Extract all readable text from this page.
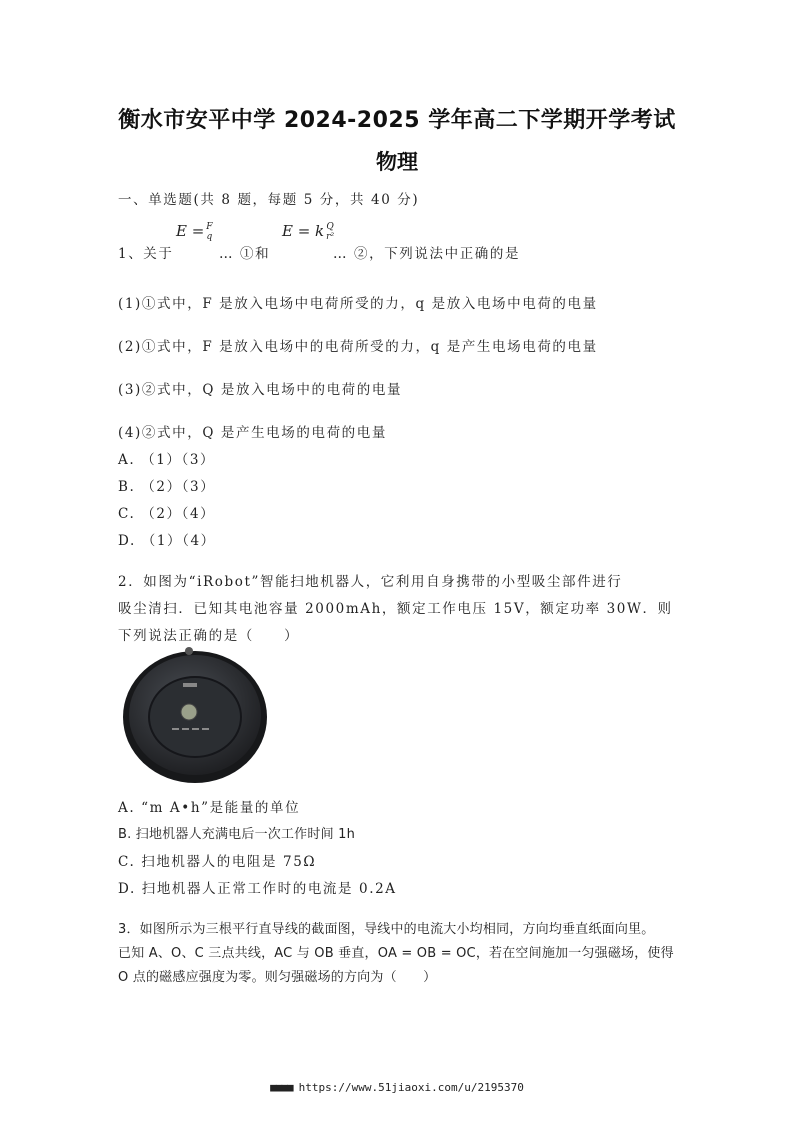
衡水市安平中学 2024-2025 学年高二下学期开学考试
物理
一、单选题(共 8 题，每题 5 分，共 40 分)
1、关于
E = F
q
… ①和
E = k Q
r²
… ②，下列说法中正确的是
(1)①式中，F 是放入电场中电荷所受的力，q 是放入电场中电荷的电量
(2)①式中，F 是放入电场中的电荷所受的力，q 是产生电场电荷的电量
(3)②式中，Q 是放入电场中的电荷的电量
(4)②式中，Q 是产生电场的电荷的电量
A. （1）（3）
B. （2）（3）
C. （2）（4）
D. （1）（4）
2．如图为“iRobot”智能扫地机器人，它利用自身携带的小型吸尘部件进行
吸尘清扫．已知其电池容量 2000mAh，额定工作电压 15V，额定功率 30W．则
下列说法正确的是（　　）
A. “m A•h”是能量的单位
B. 扫地机器人充满电后一次工作时间 1h
C. 扫地机器人的电阻是 75Ω
D. 扫地机器人正常工作时的电流是 0.2A
3．如图所示为三根平行直导线的截面图，导线中的电流大小均相同，方向均垂直纸面向里。
已知 A、O、C 三点共线，AC 与 OB 垂直，OA = OB = OC，若在空间施加一匀强磁场，使得
O 点的磁感应强度为零。则匀强磁场的方向为（　　）
■■■■ https://www.51jiaoxi.com/u/2195370
